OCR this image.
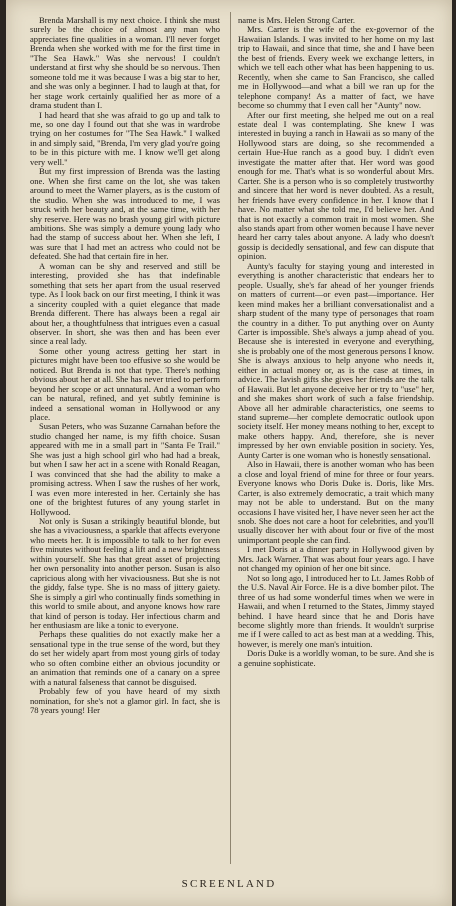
Brenda Marshall is my next choice. I think she must surely be the choice of almost any man who appreciates fine qualities in a woman. I'll never forget Brenda when she worked with me for the first time in "The Sea Hawk." Was she nervous! I couldn't understand at first why she should be so nervous. Then someone told me it was because I was a big star to her, and she was only a beginner. I had to laugh at that, for her stage work certainly qualified her as more of a drama student than I.

I had heard that she was afraid to go up and talk to me, so one day I found out that she was in wardrobe trying on her costumes for "The Sea Hawk." I walked in and simply said, "Brenda, I'm very glad you're going to be in this picture with me. I know we'll get along very well."

But my first impression of Brenda was the lasting one. When she first came on the lot, she was taken around to meet the Warner players, as is the custom of the studio. When she was introduced to me, I was struck with her beauty and, at the same time, with her shy reserve. Here was no brash young girl with picture ambitions. She was simply a demure young lady who had the stamp of success about her. When she left, I was sure that I had met an actress who could not be defeated. She had that certain fire in her.

A woman can be shy and reserved and still be interesting, provided she has that indefinable something that sets her apart from the usual reserved type. As I look back on our first meeting, I think it was a sincerity coupled with a quiet elegance that made Brenda different. There has always been a regal air about her, a thoughtfulness that intrigues even a casual observer. In short, she was then and has been ever since a real lady.

Some other young actress getting her start in pictures might have been too effusive so she would be noticed. But Brenda is not that type. There's nothing obvious about her at all. She has never tried to perform beyond her scope or act unnatural. And a woman who can be natural, refined, and yet subtly feminine is indeed a sensational woman in Hollywood or any place.

Susan Peters, who was Suzanne Carnahan before the studio changed her name, is my fifth choice. Susan appeared with me in a small part in "Santa Fe Trail." She was just a high school girl who had had a break, but when I saw her act in a scene with Ronald Reagan, I was convinced that she had the ability to make a promising actress. When I saw the rushes of her work, I was even more interested in her. Certainly she has one of the brightest futures of any young starlet in Hollywood.

Not only is Susan a strikingly beautiful blonde, but she has a vivaciousness, a sparkle that affects everyone who meets her. It is impossible to talk to her for even five minutes without feeling a lift and a new brightness within yourself. She has that great asset of projecting her own personality into another person. Susan is also capricious along with her vivaciousness. But she is not the giddy, false type. She is no mass of jittery gaiety. She is simply a girl who continually finds something in this world to smile about, and anyone knows how rare that kind of person is today. Her infectious charm and her enthusiasm are like a tonic to everyone.

Perhaps these qualities do not exactly make her a sensational type in the true sense of the word, but they do set her widely apart from most young girls of today who so often combine either an obvious jocundity or an animation that reminds one of a canary on a spree with a natural falseness that cannot be disguised.

Probably few of you have heard of my sixth nomination, for she's not a glamor girl. In fact, she is 78 years young! Her

name is Mrs. Helen Strong Carter.

Mrs. Carter is the wife of the ex-governor of the Hawaiian Islands. I was invited to her home on my last trip to Hawaii, and since that time, she and I have been the best of friends. Every week we exchange letters, in which we tell each other what has been happening to us. Recently, when she came to San Francisco, she called me in Hollywood—and what a bill we ran up for the telephone company! As a matter of fact, we have become so chummy that I even call her "Aunty" now.

After our first meeting, she helped me out on a real estate deal I was contemplating. She knew I was interested in buying a ranch in Hawaii as so many of the Hollywood stars are doing, so she recommended a certain Hue-Hue ranch as a good buy. I didn't even investigate the matter after that. Her word was good enough for me. That's what is so wonderful about Mrs. Carter. She is a person who is so completely trustworthy and sincere that her word is never doubted. As a result, her friends have every confidence in her. I know that I have. No matter what she told me, I'd believe her. And that is not exactly a common trait in most women. She also stands apart from other women because I have never heard her carry tales about anyone. A lady who doesn't gossip is decidedly sensational, and few can dispute that opinion.

Aunty's faculty for staying young and interested in everything is another characteristic that endears her to people. Usually, she's far ahead of her younger friends on matters of current—or even past—importance. Her keen mind makes her a brilliant conversationalist and a sharp student of the many type of personages that roam the country in a dither. To put anything over on Aunty Carter is impossible. She's always a jump ahead of you. Because she is interested in everyone and everything, she is probably one of the most generous persons I know. She is always anxious to help anyone who needs it, either in actual money or, as is the case at times, in advice. The lavish gifts she gives her friends are the talk of Hawaii. But let anyone deceive her or try to "use" her, and she makes short work of such a false friendship. Above all her admirable characteristics, one seems to stand supreme—her complete democratic outlook upon society itself. Her money means nothing to her, except to make others happy. And, therefore, she is never impressed by her own enviable position in society. Yes, Aunty Carter is one woman who is honestly sensational.

Also in Hawaii, there is another woman who has been a close and loyal friend of mine for three or four years. Everyone knows who Doris Duke is. Doris, like Mrs. Carter, is also extremely democratic, a trait which many may not be able to understand. But on the many occasions I have visited her, I have never seen her act the snob. She does not care a hoot for celebrities, and you'll usually discover her with about four or five of the most unimportant people she can find.

I met Doris at a dinner party in Hollywood given by Mrs. Jack Warner. That was about four years ago. I have not changed my opinion of her one bit since.

Not so long ago, I introduced her to Lt. James Robb of the U.S. Naval Air Force. He is a dive bomber pilot. The three of us had some wonderful times when we were in Hawaii, and when I returned to the States, Jimmy stayed behind. I have heard since that he and Doris have become slightly more than friends. It wouldn't surprise me if I were called to act as best man at a wedding. This, however, is merely one man's intuition.

Doris Duke is a worldly woman, to be sure. And she is a genuine sophisticate.

SCREENLAND
